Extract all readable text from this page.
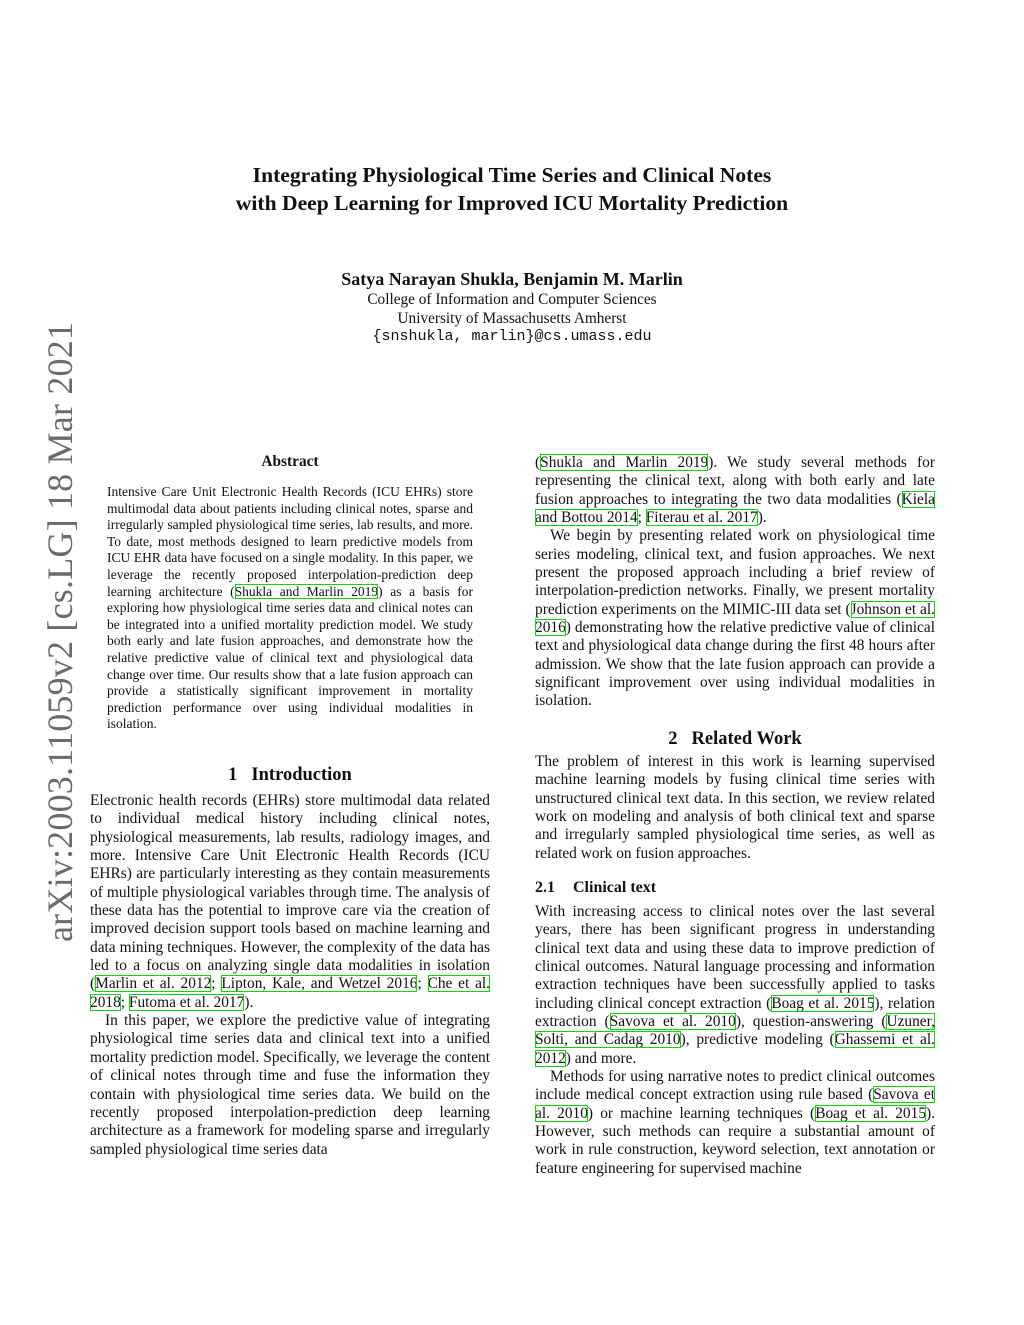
arXiv:2003.11059v2 [cs.LG] 18 Mar 2021
Integrating Physiological Time Series and Clinical Notes
with Deep Learning for Improved ICU Mortality Prediction
Satya Narayan Shukla, Benjamin M. Marlin
College of Information and Computer Sciences
University of Massachusetts Amherst
{snshukla, marlin}@cs.umass.edu
Abstract
Intensive Care Unit Electronic Health Records (ICU EHRs) store multimodal data about patients including clinical notes, sparse and irregularly sampled physiological time series, lab results, and more. To date, most methods designed to learn predictive models from ICU EHR data have focused on a single modality. In this paper, we leverage the recently proposed interpolation-prediction deep learning architecture (Shukla and Marlin 2019) as a basis for exploring how physiological time series data and clinical notes can be integrated into a unified mortality prediction model. We study both early and late fusion approaches, and demonstrate how the relative predictive value of clinical text and physiological data change over time. Our results show that a late fusion approach can provide a statistically significant improvement in mortality prediction performance over using individual modalities in isolation.
1 Introduction

Electronic health records (EHRs) store multimodal data related to individual medical history including clinical notes, physiological measurements, lab results, radiology images, and more. Intensive Care Unit Electronic Health Records (ICU EHRs) are particularly interesting as they contain measurements of multiple physiological variables through time. The analysis of these data has the potential to improve care via the creation of improved decision support tools based on machine learning and data mining techniques. However, the complexity of the data has led to a focus on analyzing single data modalities in isolation (Marlin et al. 2012; Lipton, Kale, and Wetzel 2016; Che et al. 2018; Futoma et al. 2017).

In this paper, we explore the predictive value of integrating physiological time series data and clinical text into a unified mortality prediction model. Specifically, we leverage the content of clinical notes through time and fuse the information they contain with physiological time series data. We build on the recently proposed interpolation-prediction deep learning architecture as a framework for modeling sparse and irregularly sampled physiological time series data

(Shukla and Marlin 2019). We study several methods for representing the clinical text, along with both early and late fusion approaches to integrating the two data modalities (Kiela and Bottou 2014; Fiterau et al. 2017).

We begin by presenting related work on physiological time series modeling, clinical text, and fusion approaches. We next present the proposed approach including a brief review of interpolation-prediction networks. Finally, we present mortality prediction experiments on the MIMIC-III data set (Johnson et al. 2016) demonstrating how the relative predictive value of clinical text and physiological data change during the first 48 hours after admission. We show that the late fusion approach can provide a significant improvement over using individual modalities in isolation.

2 Related Work

The problem of interest in this work is learning supervised machine learning models by fusing clinical time series with unstructured clinical text data. In this section, we review related work on modeling and analysis of both clinical text and sparse and irregularly sampled physiological time series, as well as related work on fusion approaches.

2.1 Clinical text

With increasing access to clinical notes over the last several years, there has been significant progress in understanding clinical text data and using these data to improve prediction of clinical outcomes. Natural language processing and information extraction techniques have been successfully applied to tasks including clinical concept extraction (Boag et al. 2015), relation extraction (Savova et al. 2010), question-answering (Uzuner, Solti, and Cadag 2010), predictive modeling (Ghassemi et al. 2012) and more.

Methods for using narrative notes to predict clinical outcomes include medical concept extraction using rule based (Savova et al. 2010) or machine learning techniques (Boag et al. 2015). However, such methods can require a substantial amount of work in rule construction, keyword selection, text annotation or feature engineering for supervised machine
